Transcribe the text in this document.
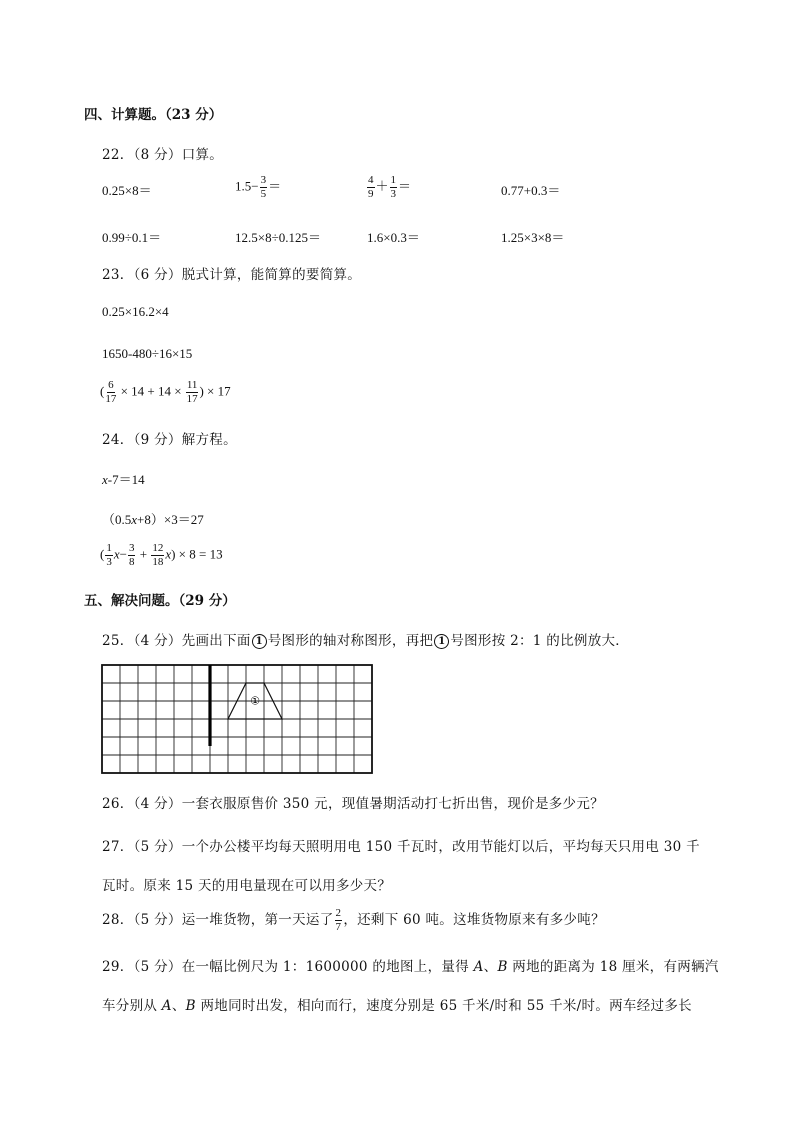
四、计算题。（23 分）
22．（8 分）口算。
0.25×8＝	$1.5- \frac{3}{5}$ ＝	$\frac{4}{9} + \frac{1}{3}$ ＝	0.77+0.3＝
0.99÷0.1＝	12.5×8÷0.125＝	1.6×0.3＝	1.25×3×8＝
23．（6 分）脱式计算，能简算的要简算。
0.25×16.2×4
1650-480÷16×15
( $\frac{6}{17} \times 14 + 14 \times \frac{11}{17}$ ) × 17
24．（9 分）解方程。
x-7＝14
（0.5x+8）×3＝27
( $\frac{1}{3} x- \frac{3}{8} + \frac{12}{18} x) \times 8 = 13$
五、解决问题。（29 分）
25．（4 分）先画出下面 1 号图形的轴对称图形，再把 1 号图形按 2：1 的比例放大．
①
26．（4 分）一套衣服原售价 350 元，现值暑期活动打七折出售，现价是多少元？
27．（5 分）一个办公楼平均每天照明用电 150 千瓦时，改用节能灯以后，平均每天只用电 30 千
瓦时。原来 15 天的用电量现在可以用多少天？
28．（5 分）运一堆货物，第一天运了 $\frac{2}{7}$ ，还剩下 60 吨。这堆货物原来有多少吨？
29．（5 分）在一幅比例尺为 1：1600000 的地图上，量得 A、B 两地的距离为 18 厘米，有两辆汽
车分别从 A、B 两地同时出发，相向而行，速度分别是 65 千米/时和 55 千米/时。两车经过多长
